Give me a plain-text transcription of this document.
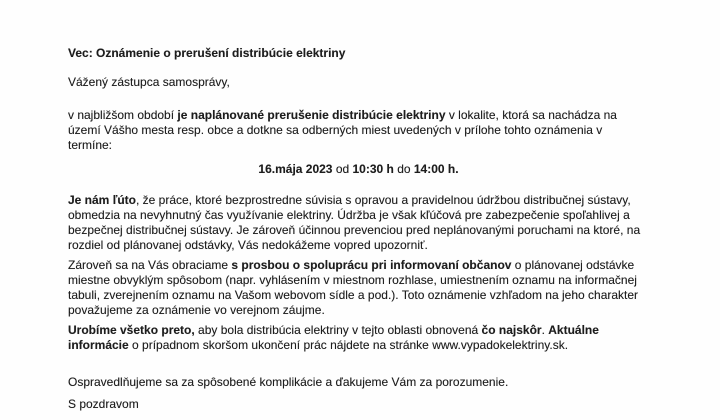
Vec: Oznámenie o prerušení distribúcie elektriny

Vážený zástupca samosprávy,

v najbližšom období je naplánované prerušenie distribúcie elektriny v lokalite, ktorá sa nachádza na území Vášho mesta resp. obce a dotkne sa odberných miest uvedených v prílohe tohto oznámenia v termíne:

16.mája 2023 od 10:30 h do 14:00 h.

Je nám ľúto, že práce, ktoré bezprostredne súvisia s opravou a pravidelnou údržbou distribučnej sústavy, obmedzia na nevyhnutný čas využívanie elektriny. Údržba je však kľúčová pre zabezpečenie spoľahlivej a bezpečnej distribučnej sústavy. Je zároveň účinnou prevenciou pred neplánovanými poruchami na ktoré, na rozdiel od plánovanej odstávky, Vás nedokážeme vopred upozorniť.

Zároveň sa na Vás obraciame s prosbou o spoluprácu pri informovaní občanov o plánovanej odstávke miestne obvyklým spôsobom (napr. vyhlásením v miestnom rozhlase, umiestnením oznamu na informačnej tabuli, zverejnením oznamu na Vašom webovom sídle a pod.). Toto oznámenie vzhľadom na jeho charakter považujeme za oznámenie vo verejnom záujme.

Urobíme všetko preto, aby bola distribúcia elektriny v tejto oblasti obnovená čo najskôr. Aktuálne informácie o prípadnom skoršom ukončení prác nájdete na stránke www.vypadokelektriny.sk.

Ospravedlňujeme sa za spôsobené komplikácie a ďakujeme Vám za porozumenie.

S pozdravom
